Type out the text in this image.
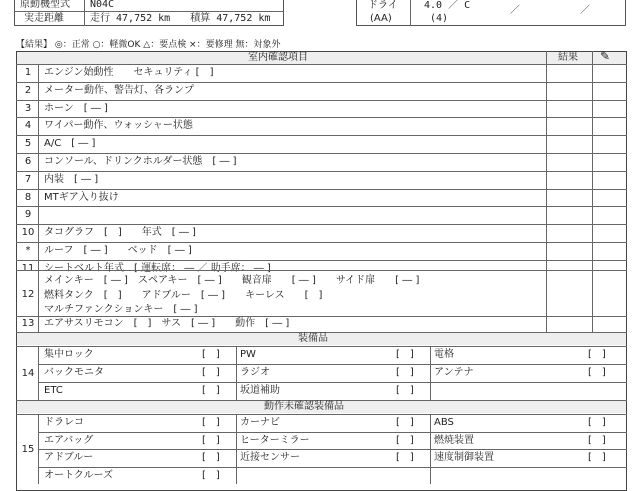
原動機型式 N04C
実走距離	走行 47,752 km　　積算 47,752 km
ドライ	4.0 ／ C
(AA)	(4)
／　　　　　　／
【結果】 ◎：正常 ○：軽微OK △：要点検 ×：要修理 無：対象外
室内確認項目	結果 ✎
1	エンジン始動性　　セキュリティ [　]
2	メーター動作、警告灯、各ランプ
3	ホーン　[ ― ]
4	ワイパー動作、ウォッシャー状態
5	A/C　[ ― ]
6	コンソール、ドリンクホルダー状態　[ ― ]
7	内装　[ ― ]
8	MTギア入り抜け
9
10 タコグラフ　[　]　　年式　[ ― ]
*	ルーフ　[ ― ]　　ベッド　[ ― ]
11 シートベルト年式　[ 運転席： ― ／ 助手席： ― ]
12
メインキー　[ ― ]　スペアキー　[ ― ]　　観音扉　　[ ― ]　　サイド扉　　[ ― ]
燃料タンク　[　]　　アドブルー　[ ― ]　　キーレス　　[　]
マルチファンクションキー　[ ― ]
13 エアサスリモコン　[　]　サス　[ ― ]　　動作　[ ― ]
装備品
14
集中ロック	[　] PW	[　] 電格	[　]
バックモニタ	[　] ラジオ	[　] アンテナ	[　]
ETC	[　] 坂道補助	[　]
動作未確認装備品
15
ドラレコ	[　] カーナビ	[　] ABS	[　]
エアバッグ	[　] ヒーターミラー	[　] 燃焼装置	[　]
アドブルー	[　] 近接センサー	[　] 速度制御装置	[　]
オートクルーズ	[　]
